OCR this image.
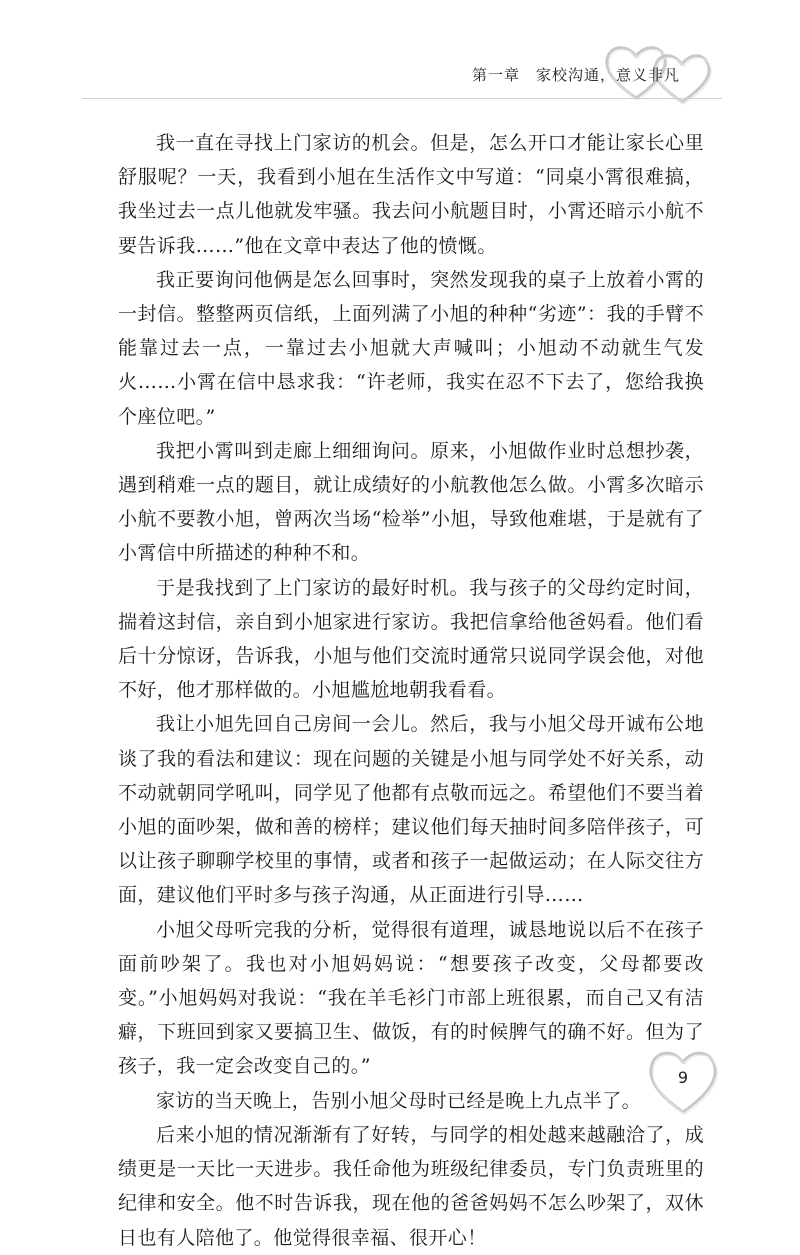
第一章　家校沟通，意义非凡

我一直在寻找上门家访的机会。但是，怎么开口才能让家长心里舒服呢？一天，我看到小旭在生活作文中写道：“同桌小霄很难搞，我坐过去一点儿他就发牢骚。我去问小航题目时，小霄还暗示小航不要告诉我……”他在文章中表达了他的愤慨。

我正要询问他俩是怎么回事时，突然发现我的桌子上放着小霄的一封信。整整两页信纸，上面列满了小旭的种种“劣迹”：我的手臂不能靠过去一点，一靠过去小旭就大声喊叫；小旭动不动就生气发火……小霄在信中恳求我：“许老师，我实在忍不下去了，您给我换个座位吧。”

我把小霄叫到走廊上细细询问。原来，小旭做作业时总想抄袭，遇到稍难一点的题目，就让成绩好的小航教他怎么做。小霄多次暗示小航不要教小旭，曾两次当场“检举”小旭，导致他难堪，于是就有了小霄信中所描述的种种不和。

于是我找到了上门家访的最好时机。我与孩子的父母约定时间，揣着这封信，亲自到小旭家进行家访。我把信拿给他爸妈看。他们看后十分惊讶，告诉我，小旭与他们交流时通常只说同学误会他，对他不好，他才那样做的。小旭尴尬地朝我看看。

我让小旭先回自己房间一会儿。然后，我与小旭父母开诚布公地谈了我的看法和建议：现在问题的关键是小旭与同学处不好关系，动不动就朝同学吼叫，同学见了他都有点敬而远之。希望他们不要当着小旭的面吵架，做和善的榜样；建议他们每天抽时间多陪伴孩子，可以让孩子聊聊学校里的事情，或者和孩子一起做运动；在人际交往方面，建议他们平时多与孩子沟通，从正面进行引导……

小旭父母听完我的分析，觉得很有道理，诚恳地说以后不在孩子面前吵架了。我也对小旭妈妈说：“想要孩子改变，父母都要改变。”小旭妈妈对我说：“我在羊毛衫门市部上班很累，而自己又有洁癖，下班回到家又要搞卫生、做饭，有的时候脾气的确不好。但为了孩子，我一定会改变自己的。”

家访的当天晚上，告别小旭父母时已经是晚上九点半了。

后来小旭的情况渐渐有了好转，与同学的相处越来越融洽了，成绩更是一天比一天进步。我任命他为班级纪律委员，专门负责班里的纪律和安全。他不时告诉我，现在他的爸爸妈妈不怎么吵架了，双休日也有人陪他了。他觉得很幸福、很开心！

9
